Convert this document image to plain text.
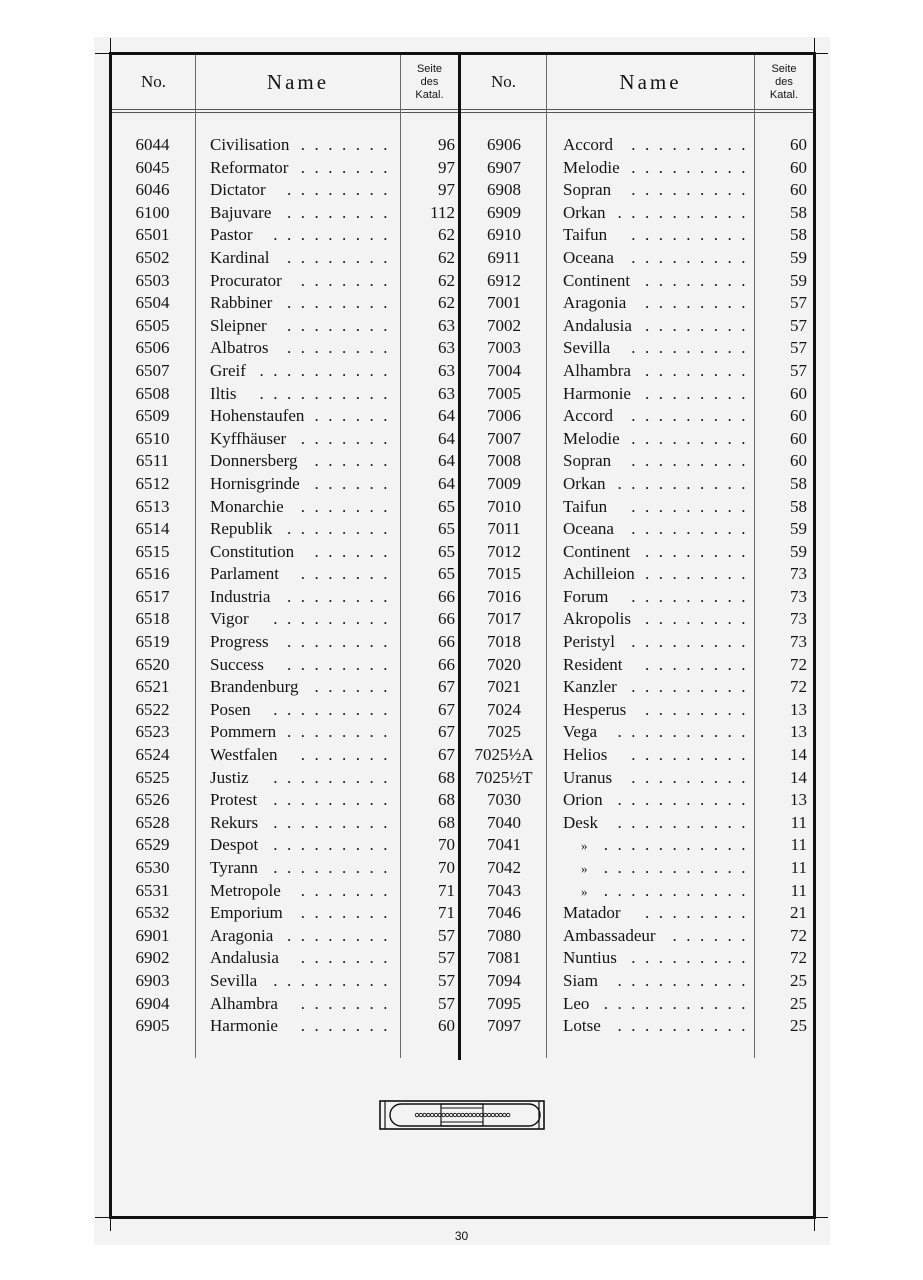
No.	Name
Seite
des
Katal.
No.	Name
Seite
des
Katal.
6044	Civilisation .......	96
6045	Reformator .......	97
6046	Dictator ........	97
6100	Bajuvare ........	112
6501	Pastor .........	62
6502	Kardinal ........	62
6503	Procurator .......	62
6504	Rabbiner ........	62
6505	Sleipner ........	63
6506	Albatros ........	63
6507	Greif ..........	63
6508	Iltis ..........	63
6509	Hohenstaufen ......	64
6510	Kyffhäuser .......	64
6511	Donnersberg ......	64
6512	Hornisgrinde ......	64
6513	Monarchie .......	65
6514	Republik ........	65
6515	Constitution ......	65
6516	Parlament .......	65
6517	Industria ........	66
6518	Vigor .........	66
6519	Progress ........	66
6520	Success ........	66
6521	Brandenburg ......	67
6522	Posen .........	67
6523	Pommern ........	67
6524	Westfalen .......	67
6525	Justiz .........	68
6526	Protest .........	68
6528	Rekurs .........	68
6529	Despot .........	70
6530	Tyrann .........	70
6531	Metropole .......	71
6532	Emporium .......	71
6901	Aragonia ........	57
6902	Andalusia .......	57
6903	Sevilla .........	57
6904	Alhambra .......	57
6905	Harmonie .......	60
6906	Accord .........	60
6907	Melodie .........	60
6908	Sopran .........	60
6909	Orkan ..........	58
6910	Taifun .........	58
6911	Oceana .........	59
6912	Continent ........	59
7001	Aragonia ........	57
7002	Andalusia ........	57
7003	Sevilla .........	57
7004	Alhambra ........	57
7005	Harmonie ........	60
7006	Accord .........	60
7007	Melodie .........	60
7008	Sopran .........	60
7009	Orkan ..........	58
7010	Taifun .........	58
7011	Oceana .........	59
7012	Continent ........	59
7015	Achilleion ........	73
7016	Forum .........	73
7017	Akropolis ........	73
7018	Peristyl .........	73
7020	Resident ........	72
7021	Kanzler .........	72
7024	Hesperus ........	13
7025	Vega ..........	13
7025½A	Helios .........	14
7025½T	Uranus .........	14
7030	Orion ..........	13
7040	Desk ..........	11
7041	» ...........	11
7042	» ...........	11
7043	» ...........	11
7046	Matador ........	21
7080	Ambassadeur ......	72
7081	Nuntius .........	72
7094	Siam ..........	25
7095	Leo ...........	25
7097	Lotse ..........	25
30
